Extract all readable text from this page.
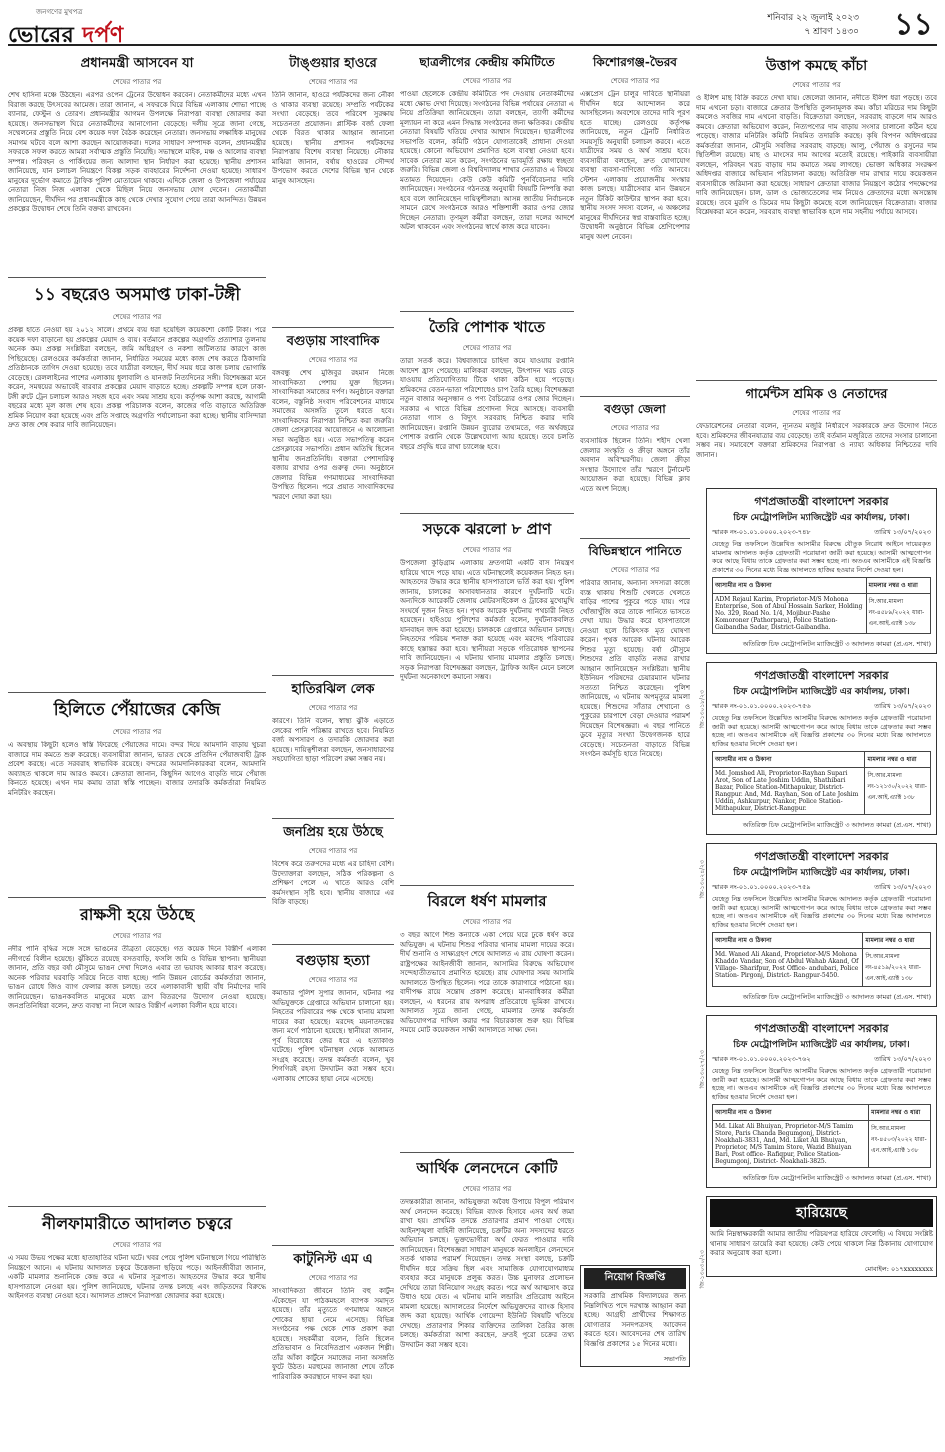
জনগণের মুখপত্র
ভোরের দর্পণ
শনিবার ২২ জুলাই ২০২৩
৭ শ্রাবণ ১৪৩০ ১১
প্রধানমন্ত্রী আসবেন যা
শেষের পাতার পর

শেখ হাসিনা মঞ্চে উঠছেন। এরপর ওপেন ট্রেনের উদ্বোধন করবেন। নেতাকর্মীদের মধ্যে এখন বিরাজ করছে উৎসবের আমেজ। তারা জানান, এ সফরকে ঘিরে বিভিন্ন এলাকায় শোভা পাচ্ছে ব্যানার, ফেস্টুন ও তোরণ। প্রধানমন্ত্রীর আগমন উপলক্ষে নিরাপত্তা ব্যবস্থা জোরদার করা হয়েছে। জনসভাস্থল ঘিরে নেতাকর্মীদের আনাগোনা বেড়েছে। দলীয় সূত্রে জানা গেছে, সম্মেলনের প্রস্তুতি নিয়ে বেশ কয়েক দফা বৈঠক করেছেন নেতারা। জনসভায় লক্ষাধিক মানুষের সমাগম ঘটবে বলে আশা করছেন আয়োজকরা। দলের সাধারণ সম্পাদক বলেন, প্রধানমন্ত্রীর সফরকে সফল করতে আমরা সর্বাত্মক প্রস্তুতি নিয়েছি। সভাস্থলে মাইক, মঞ্চ ও আলোর ব্যবস্থা সম্পন্ন। পরিবহন ও পার্কিংয়ের জন্য আলাদা স্থান নির্ধারণ করা হয়েছে। স্থানীয় প্রশাসন জানিয়েছে, যান চলাচল নিয়ন্ত্রণে বিকল্প সড়ক ব্যবহারের নির্দেশনা দেওয়া হয়েছে। সাধারণ মানুষের দুর্ভোগ কমাতে ট্রাফিক পুলিশ মোতায়েন থাকবে। এদিকে জেলা ও উপজেলা পর্যায়ের নেতারা নিজ নিজ এলাকা থেকে মিছিল নিয়ে জনসভায় যোগ দেবেন। নেতাকর্মীরা জানিয়েছেন, দীর্ঘদিন পর প্রধানমন্ত্রীকে কাছ থেকে দেখার সুযোগ পেয়ে তারা আনন্দিত। উন্নয়ন প্রকল্পের উদ্বোধন শেষে তিনি বক্তব্য রাখবেন।

১১ বছরেও অসমাপ্ত ঢাকা-টঙ্গী
শেষের পাতার পর

প্রকল্প হাতে নেওয়া হয় ২০১২ সালে। প্রথমে ব্যয় ধরা হয়েছিল কয়েকশো কোটি টাকা। পরে কয়েক দফা বাড়ানো হয় প্রকল্পের মেয়াদ ও ব্যয়। বর্তমানে প্রকল্পের অগ্রগতি প্রত্যাশার তুলনায় অনেক কম। প্রকল্প সংশ্লিষ্টরা বলছেন, জমি অধিগ্রহণ ও নকশা জটিলতার কারণে কাজ পিছিয়েছে। রেলওয়ের কর্মকর্তারা জানান, নির্ধারিত সময়ের মধ্যে কাজ শেষ করতে ঠিকাদারি প্রতিষ্ঠানকে তাগিদ দেওয়া হয়েছে। তবে যাত্রীরা বলছেন, দীর্ঘ সময় ধরে কাজ চলায় ভোগান্তি বেড়েছে। রেললাইনের পাশের এলাকায় ধুলাবালি ও যানজট নিত্যদিনের সঙ্গী। বিশেষজ্ঞরা মনে করেন, সমন্বয়ের অভাবেই বারবার প্রকল্পের মেয়াদ বাড়াতে হচ্ছে। প্রকল্পটি সম্পন্ন হলে ঢাকা-টঙ্গী রুটে ট্রেন চলাচল আরও সহজ হবে এবং সময় সাশ্রয় হবে। কর্তৃপক্ষ আশা করছে, আগামী বছরের মধ্যে মূল কাজ শেষ হবে। প্রকল্প পরিচালক বলেন, কাজের গতি বাড়াতে অতিরিক্ত শ্রমিক নিয়োগ করা হয়েছে এবং প্রতি সপ্তাহে অগ্রগতি পর্যালোচনা করা হচ্ছে। স্থানীয় বাসিন্দারা দ্রুত কাজ শেষ করার দাবি জানিয়েছেন।

হিলিতে পেঁয়াজের কেজি
শেষের পাতার পর

এ অবস্থায় কিছুটা হলেও স্বস্তি ফিরেছে পেঁয়াজের দামে। বন্দর দিয়ে আমদানি বাড়ায় খুচরা বাজারে দাম কমতে শুরু করেছে। ব্যবসায়ীরা জানান, ভারত থেকে প্রতিদিন পেঁয়াজবাহী ট্রাক প্রবেশ করছে। এতে সরবরাহ স্বাভাবিক রয়েছে। বন্দরের আমদানিকারকরা বলেন, আমদানি অব্যাহত থাকলে দাম আরও কমবে। ক্রেতারা জানান, কিছুদিন আগেও বাড়তি দামে পেঁয়াজ কিনতে হয়েছে। এখন দাম কমায় তারা স্বস্তি পাচ্ছেন। বাজার তদারকি কর্মকর্তারা নিয়মিত মনিটরিং করছেন।

রাক্ষসী হয়ে উঠছে
শেষের পাতার পর

নদীর পানি বৃদ্ধির সঙ্গে সঙ্গে ভাঙনের তীব্রতা বেড়েছে। গত কয়েক দিনে বিস্তীর্ণ এলাকা নদীগর্ভে বিলীন হয়েছে। ঝুঁকিতে রয়েছে বসতবাড়ি, ফসলি জমি ও বিভিন্ন স্থাপনা। স্থানীয়রা জানান, প্রতি বছর বর্ষা মৌসুমে ভাঙন দেখা দিলেও এবার তা ভয়াবহ আকার ধারণ করেছে। অনেক পরিবার ঘরবাড়ি সরিয়ে নিতে বাধ্য হচ্ছে। পানি উন্নয়ন বোর্ডের কর্মকর্তারা জানান, ভাঙন রোধে জিও ব্যাগ ফেলার কাজ চলছে। তবে এলাকাবাসী স্থায়ী বাঁধ নির্মাণের দাবি জানিয়েছেন। ভাঙনকবলিত মানুষের মধ্যে ত্রাণ বিতরণের উদ্যোগ নেওয়া হয়েছে। জনপ্রতিনিধিরা বলেন, দ্রুত ব্যবস্থা না নিলে আরও বিস্তীর্ণ এলাকা বিলীন হয়ে যাবে।

নীলফামারীতে আদালত চত্বরে
শেষের পাতার পর

এ সময় উভয় পক্ষের মধ্যে হাতাহাতির ঘটনা ঘটে। খবর পেয়ে পুলিশ ঘটনাস্থলে গিয়ে পরিস্থিতি নিয়ন্ত্রণে আনে। এ ঘটনায় আদালত চত্বরে উত্তেজনা ছড়িয়ে পড়ে। আইনজীবীরা জানান, একটি মামলার শুনানিকে কেন্দ্র করে এ ঘটনার সূত্রপাত। আহতদের উদ্ধার করে স্থানীয় হাসপাতালে নেওয়া হয়। পুলিশ জানিয়েছে, ঘটনার তদন্ত চলছে এবং জড়িতদের বিরুদ্ধে আইনগত ব্যবস্থা নেওয়া হবে। আদালত প্রাঙ্গণে নিরাপত্তা জোরদার করা হয়েছে।

টাঙ্গুয়ার হাওরে
শেষের পাতার পর

তিনি জানান, হাওরে পর্যটকদের জন্য নৌকা ও থাকার ব্যবস্থা রয়েছে। সম্প্রতি পর্যটকের সংখ্যা বেড়েছে। তবে পরিবেশ সুরক্ষায় সচেতনতা প্রয়োজন। প্লাস্টিক বর্জ্য ফেলা থেকে বিরত থাকার আহ্বান জানানো হয়েছে। স্থানীয় প্রশাসন পর্যটকদের নিরাপত্তায় বিশেষ ব্যবস্থা নিয়েছে। নৌকার মাঝিরা জানান, বর্ষায় হাওরের সৌন্দর্য উপভোগ করতে দেশের বিভিন্ন স্থান থেকে মানুষ আসছেন।

বগুড়ায় সাংবাদিক
শেষের পাতার পর

বঙ্গবন্ধু শেখ মুজিবুর রহমান নিজে সাংবাদিকতা পেশায় যুক্ত ছিলেন। সাংবাদিকরা সমাজের দর্পণ। অনুষ্ঠানে বক্তারা বলেন, বস্তুনিষ্ঠ সংবাদ পরিবেশনের মাধ্যমে সমাজের অসঙ্গতি তুলে ধরতে হবে। সাংবাদিকদের নিরাপত্তা নিশ্চিত করা জরুরি। জেলা প্রেসক্লাবের আয়োজনে এ আলোচনা সভা অনুষ্ঠিত হয়। এতে সভাপতিত্ব করেন প্রেসক্লাবের সভাপতি। প্রধান অতিথি ছিলেন স্থানীয় জনপ্রতিনিধি। বক্তারা পেশাদারিত্ব বজায় রাখার ওপর গুরুত্ব দেন। অনুষ্ঠানে জেলার বিভিন্ন গণমাধ্যমের সাংবাদিকরা উপস্থিত ছিলেন। পরে প্রয়াত সাংবাদিকদের স্মরণে দোয়া করা হয়।

হাতিরঝিল লেক
শেষের পাতার পর

কারণে। তিনি বলেন, স্বাস্থ্য ঝুঁকি এড়াতে লেকের পানি পরিষ্কার রাখতে হবে। নিয়মিত বর্জ্য অপসারণ ও তদারকি জোরদার করা হয়েছে। দায়িত্বশীলরা বলছেন, জনসাধারণের সহযোগিতা ছাড়া পরিবেশ রক্ষা সম্ভব নয়।

জনপ্রিয় হয়ে উঠছে
শেষের পাতার পর

বিশেষ করে তরুণদের মধ্যে এর চাহিদা বেশি। উদ্যোক্তারা বলছেন, সঠিক পরিকল্পনা ও প্রশিক্ষণ পেলে এ খাতে আরও বেশি কর্মসংস্থান সৃষ্টি হবে। স্থানীয় বাজারে এর বিক্রি বাড়ছে।

বগুড়ায় হত্যা
শেষের পাতার পর

কমান্ডার পুলিশ সুপার জানান, ঘটনার পর অভিযুক্তকে গ্রেপ্তারে অভিযান চালানো হয়। নিহতের পরিবারের পক্ষ থেকে থানায় মামলা দায়ের করা হয়েছে। মরদেহ ময়নাতদন্তের জন্য মর্গে পাঠানো হয়েছে। স্থানীয়রা জানান, পূর্ব বিরোধের জের ধরে এ হত্যাকাণ্ড ঘটেছে। পুলিশ ঘটনাস্থল থেকে আলামত সংগ্রহ করেছে। তদন্ত কর্মকর্তা বলেন, খুব শিগগিরই রহস্য উদঘাটন করা সম্ভব হবে। এলাকায় শোকের ছায়া নেমে এসেছে।

কাটুনিস্ট এম এ
শেষের পাতার পর

সাংবাদিকতা জীবনে তিনি বহু কার্টুন এঁকেছেন যা পাঠকমহলে ব্যাপক সমাদৃত হয়েছে। তাঁর মৃত্যুতে গণমাধ্যম অঙ্গনে শোকের ছায়া নেমে এসেছে। বিভিন্ন সংগঠনের পক্ষ থেকে শোক প্রকাশ করা হয়েছে। সহকর্মীরা বলেন, তিনি ছিলেন প্রতিভাবান ও নিবেদিতপ্রাণ একজন শিল্পী। তাঁর আঁকা কার্টুনে সমাজের নানা অসঙ্গতি ফুটে উঠত। মরহুমের জানাজা শেষে তাঁকে পারিবারিক কবরস্থানে দাফন করা হয়।

ছাত্রলীগের কেন্দ্রীয় কমিটিতে
শেষের পাতার পর

পাওয়া ছেলেকে কেন্দ্রীয় কমিটিতে পদ দেওয়ায় নেতাকর্মীদের মধ্যে ক্ষোভ দেখা দিয়েছে। সংগঠনের বিভিন্ন পর্যায়ের নেতারা এ নিয়ে প্রতিক্রিয়া জানিয়েছেন। তারা বলছেন, ত্যাগী কর্মীদের মূল্যায়ন না করে এমন সিদ্ধান্ত সংগঠনের জন্য ক্ষতিকর। কেন্দ্রীয় নেতারা বিষয়টি খতিয়ে দেখার আশ্বাস দিয়েছেন। ছাত্রলীগের সভাপতি বলেন, কমিটি গঠনে যোগ্যতাকেই প্রাধান্য দেওয়া হয়েছে। কোনো অভিযোগ প্রমাণিত হলে ব্যবস্থা নেওয়া হবে। সাবেক নেতারা মনে করেন, সংগঠনের ভাবমূর্তি রক্ষায় স্বচ্ছতা জরুরি। বিভিন্ন জেলা ও বিশ্ববিদ্যালয় শাখার নেতারাও এ বিষয়ে মতামত দিয়েছেন। কেউ কেউ কমিটি পুনর্বিবেচনার দাবি জানিয়েছেন। সংগঠনের গঠনতন্ত্র অনুযায়ী বিষয়টি নিষ্পত্তি করা হবে বলে জানিয়েছেন দায়িত্বশীলরা। আসন্ন জাতীয় নির্বাচনকে সামনে রেখে সংগঠনকে আরও শক্তিশালী করার ওপর জোর দিচ্ছেন নেতারা। তৃণমূল কর্মীরা বলছেন, তারা দলের আদর্শে অটল থাকবেন এবং সংগঠনের স্বার্থে কাজ করে যাবেন।

তৈরি পোশাক খাতে
শেষের পাতার পর

তারা সতর্ক করে। বিশ্ববাজারে চাহিদা কমে যাওয়ায় রপ্তানি আদেশ হ্রাস পেয়েছে। মালিকরা বলছেন, উৎপাদন খরচ বেড়ে যাওয়ায় প্রতিযোগিতায় টিকে থাকা কঠিন হয়ে পড়েছে। শ্রমিকদের বেতন-ভাতা পরিশোধেও চাপ তৈরি হচ্ছে। বিশেষজ্ঞরা নতুন বাজার অনুসন্ধান ও পণ্য বৈচিত্র্যের ওপর জোর দিচ্ছেন। সরকার এ খাতে বিভিন্ন প্রণোদনা দিয়ে আসছে। ব্যবসায়ী নেতারা গ্যাস ও বিদ্যুৎ সরবরাহ নিশ্চিত করার দাবি জানিয়েছেন। রপ্তানি উন্নয়ন ব্যুরোর তথ্যমতে, গত অর্থবছরে পোশাক রপ্তানি থেকে উল্লেখযোগ্য আয় হয়েছে। তবে চলতি বছরে প্রবৃদ্ধি ধরে রাখা চ্যালেঞ্জ হবে।

সড়কে ঝরলো ৮ প্রাণ
শেষের পাতার পর

উপজেলা কুড়িগ্রাম এলাকায় দ্রুতগামী একটি বাস নিয়ন্ত্রণ হারিয়ে খাদে পড়ে যায়। এতে ঘটনাস্থলেই কয়েকজন নিহত হন। আহতদের উদ্ধার করে স্থানীয় হাসপাতালে ভর্তি করা হয়। পুলিশ জানায়, চালকের অসাবধানতার কারণে দুর্ঘটনাটি ঘটে। অন্যদিকে আরেকটি জেলায় মোটরসাইকেল ও ট্রাকের মুখোমুখি সংঘর্ষে দুজন নিহত হন। পৃথক আরেক দুর্ঘটনায় পথচারী নিহত হয়েছেন। হাইওয়ে পুলিশের কর্মকর্তা বলেন, দুর্ঘটনাকবলিত যানবাহন জব্দ করা হয়েছে। চালককে গ্রেপ্তারে অভিযান চলছে। নিহতদের পরিচয় শনাক্ত করা হয়েছে এবং মরদেহ পরিবারের কাছে হস্তান্তর করা হবে। স্থানীয়রা সড়কে গতিরোধক স্থাপনের দাবি জানিয়েছেন। এ ঘটনায় থানায় মামলার প্রস্তুতি চলছে। সড়ক নিরাপত্তা বিশেষজ্ঞরা বলছেন, ট্রাফিক আইন মেনে চললে দুর্ঘটনা অনেকাংশে কমানো সম্ভব।

বিরলে ধর্ষণ মামলার
শেষের পাতার পর

৩ বছর আগে শিশু কন্যাকে একা পেয়ে ঘরে ঢুকে ধর্ষণ করে অভিযুক্ত। এ ঘটনায় শিশুর পরিবার থানায় মামলা দায়ের করে। দীর্ঘ শুনানি ও সাক্ষ্যগ্রহণ শেষে আদালত এ রায় ঘোষণা করেন। রাষ্ট্রপক্ষের আইনজীবী জানান, আসামির বিরুদ্ধে অভিযোগ সন্দেহাতীতভাবে প্রমাণিত হয়েছে। রায় ঘোষণার সময় আসামি আদালতে উপস্থিত ছিলেন। পরে তাকে কারাগারে পাঠানো হয়। বাদীপক্ষ রায়ে সন্তোষ প্রকাশ করেছে। মানবাধিকার কর্মীরা বলছেন, এ ধরনের রায় অপরাধ প্রতিরোধে ভূমিকা রাখবে। আদালত সূত্রে জানা গেছে, মামলার তদন্ত কর্মকর্তা অভিযোগপত্র দাখিল করার পর বিচারকাজ শুরু হয়। বিভিন্ন সময়ে মোট কয়েকজন সাক্ষী আদালতে সাক্ষ্য দেন।

আর্থিক লেনদেনে কোটি
শেষের পাতার পর

তদন্তকারীরা জানান, অভিযুক্তরা অবৈধ উপায়ে বিপুল পরিমাণ অর্থ লেনদেন করেছে। বিভিন্ন ব্যাংক হিসাবে এসব অর্থ জমা রাখা হয়। প্রাথমিক তদন্তে প্রতারণার প্রমাণ পাওয়া গেছে। আইনশৃঙ্খলা বাহিনী জানিয়েছে, চক্রটির অন্য সদস্যদের ধরতে অভিযান চলছে। ভুক্তভোগীরা অর্থ ফেরত পাওয়ার দাবি জানিয়েছেন। বিশেষজ্ঞরা সাধারণ মানুষকে অনলাইনে লেনদেনে সতর্ক থাকার পরামর্শ দিয়েছেন। তদন্ত সংস্থা বলছে, চক্রটি দীর্ঘদিন ধরে সক্রিয় ছিল এবং সামাজিক যোগাযোগমাধ্যম ব্যবহার করে মানুষকে প্রলুব্ধ করত। উচ্চ মুনাফার প্রলোভন দেখিয়ে তারা বিনিয়োগ সংগ্রহ করত। পরে অর্থ আত্মসাৎ করে উধাও হয়ে যেত। এ ঘটনায় মানি লন্ডারিং প্রতিরোধ আইনে মামলা হয়েছে। আদালতের নির্দেশে অভিযুক্তদের ব্যাংক হিসাব জব্দ করা হয়েছে। আর্থিক গোয়েন্দা ইউনিট বিষয়টি খতিয়ে দেখছে। প্রতারণার শিকার ব্যক্তিদের তালিকা তৈরির কাজ চলছে। কর্মকর্তারা আশা করছেন, দ্রুতই পুরো চক্রের তথ্য উদঘাটন করা সম্ভব হবে।

কিশোরগঞ্জ-ভৈরব
শেষের পাতার পর

এক্সপ্রেস ট্রেন চালুর দাবিতে স্থানীয়রা দীর্ঘদিন ধরে আন্দোলন করে আসছিলেন। অবশেষে তাদের দাবি পূরণ হতে যাচ্ছে। রেলওয়ে কর্তৃপক্ষ জানিয়েছে, নতুন ট্রেনটি নির্ধারিত সময়সূচি অনুযায়ী চলাচল করবে। এতে যাত্রীদের সময় ও অর্থ সাশ্রয় হবে। ব্যবসায়ীরা বলছেন, দ্রুত যোগাযোগ ব্যবস্থা ব্যবসা-বাণিজ্যে গতি আনবে। স্টেশন এলাকায় প্রয়োজনীয় সংস্কার কাজ চলছে। যাত্রীসেবার মান উন্নয়নে নতুন টিকিট কাউন্টার স্থাপন করা হবে। স্থানীয় সংসদ সদস্য বলেন, এ অঞ্চলের মানুষের দীর্ঘদিনের স্বপ্ন বাস্তবায়িত হচ্ছে। উদ্বোধনী অনুষ্ঠানে বিভিন্ন শ্রেণিপেশার মানুষ অংশ নেবেন।

বগুড়া জেলা
শেষের পাতার পর

ব্যবসায়িক ছিলেন তিনি। শহীদ খেলা জেলার সংস্কৃতি ও ক্রীড়া অঙ্গনে তাঁর অবদান অবিস্মরণীয়। জেলা ক্রীড়া সংস্থার উদ্যোগে তাঁর স্মরণে টুর্নামেন্ট আয়োজন করা হয়েছে। বিভিন্ন ক্লাব এতে অংশ নিচ্ছে।

বিভিন্নস্থানে পানিতে
শেষের পাতার পর

পরিবার জানায়, অন্যান্য সদস্যরা কাজে ব্যস্ত থাকায় শিশুটি খেলতে খেলতে বাড়ির পাশের পুকুরে পড়ে যায়। পরে খোঁজাখুঁজি করে তাকে পানিতে ভাসতে দেখা যায়। উদ্ধার করে হাসপাতালে নেওয়া হলে চিকিৎসক মৃত ঘোষণা করেন। পৃথক আরেক ঘটনায় আরেক শিশুর মৃত্যু হয়েছে। বর্ষা মৌসুমে শিশুদের প্রতি বাড়তি নজর রাখার আহ্বান জানিয়েছেন সংশ্লিষ্টরা। স্থানীয় ইউনিয়ন পরিষদের চেয়ারম্যান ঘটনার সত্যতা নিশ্চিত করেছেন। পুলিশ জানিয়েছে, এ ঘটনায় অপমৃত্যুর মামলা হয়েছে। শিশুদের সাঁতার শেখানো ও পুকুরের চারপাশে বেড়া দেওয়ার পরামর্শ দিয়েছেন বিশেষজ্ঞরা। এ বছর পানিতে ডুবে মৃত্যুর সংখ্যা উদ্বেগজনক হারে বেড়েছে। সচেতনতা বাড়াতে বিভিন্ন সংগঠন কর্মসূচি হাতে নিয়েছে।

নিয়োগ বিজ্ঞপ্তি

সরকারি প্রাথমিক বিদ্যালয়ের জন্য নিম্নলিখিত পদে দরখাস্ত আহ্বান করা হচ্ছে। আগ্রহী প্রার্থীদের শিক্ষাগত যোগ্যতার সনদপত্রসহ আবেদন করতে হবে। আবেদনের শেষ তারিখ বিজ্ঞপ্তি প্রকাশের ১৫ দিনের মধ্যে।

সভাপতি
উত্তাপ কমছে কাঁচা
শেষের পাতার পর

ও ইলিশ মাছ বিক্রি করতে দেখা যায়। জেলেরা জানান, নদীতে ইলিশ ধরা পড়ছে। তবে দাম এখনো চড়া। বাজারে ক্রেতার উপস্থিতি তুলনামূলক কম। কাঁচা মরিচের দাম কিছুটা কমলেও সবজির দাম এখনো বাড়তি। বিক্রেতারা বলছেন, সরবরাহ বাড়লে দাম আরও কমবে। ক্রেতারা অভিযোগ করেন, নিত্যপণ্যের দাম বাড়ায় সংসার চালানো কঠিন হয়ে পড়েছে। বাজার মনিটরিং কমিটি নিয়মিত তদারকি করছে। কৃষি বিপণন অধিদপ্তরের কর্মকর্তারা জানান, মৌসুমি সবজির সরবরাহ বাড়ছে। আলু, পেঁয়াজ ও রসুনের দাম স্থিতিশীল রয়েছে। মাছ ও মাংসের দাম আগের মতোই রয়েছে। পাইকারি ব্যবসায়ীরা বলছেন, পরিবহন খরচ বাড়ায় দাম কমাতে সময় লাগছে। ভোক্তা অধিকার সংরক্ষণ অধিদপ্তর বাজারে অভিযান পরিচালনা করছে। অতিরিক্ত দাম রাখার দায়ে কয়েকজন ব্যবসায়ীকে জরিমানা করা হয়েছে। সাধারণ ক্রেতারা বাজার নিয়ন্ত্রণে কঠোর পদক্ষেপের দাবি জানিয়েছেন। চাল, ডাল ও ভোজ্যতেলের দাম নিয়েও ক্রেতাদের মধ্যে অসন্তোষ রয়েছে। তবে মুরগি ও ডিমের দাম কিছুটা কমেছে বলে জানিয়েছেন বিক্রেতারা। বাজার বিশ্লেষকরা মনে করেন, সরবরাহ ব্যবস্থা স্বাভাবিক হলে দাম সহনীয় পর্যায়ে আসবে।

গার্মেন্টস শ্রমিক ও নেতাদের
শেষের পাতার পর

ফেডারেশনের নেতারা বলেন, ন্যূনতম মজুরি নির্ধারণে সরকারকে দ্রুত উদ্যোগ নিতে হবে। শ্রমিকদের জীবনযাত্রার ব্যয় বেড়েছে। তাই বর্তমান মজুরিতে তাদের সংসার চালানো সম্ভব নয়। সমাবেশে বক্তারা শ্রমিকদের নিরাপত্তা ও ন্যায্য অধিকার নিশ্চিতের দাবি জানান।

গণপ্রজাতন্ত্রী বাংলাদেশ সরকার
চিফ মেট্রোপলিটন ম্যাজিস্ট্রেট এর কার্যালয়, ঢাকা।
স্মারক নং-০১.০১.০০০০.২০২৩-৭৪৮	তারিখ ১৩/০৭/২০২৩

যেহেতু নিম্ন তফসিলে উল্লেখিত আসামীর বিরুদ্ধে যৌতুক নিরোধ আইনে দায়েরকৃত মামলায় আদালত কর্তৃক গ্রেফতারী পরোয়ানা জারী করা হয়েছে। আসামী আত্মগোপন করে আছে বিধায় তাকে গ্রেফতার করা সম্ভব হচ্ছে না। অতএব আসামীকে এই বিজ্ঞপ্তি প্রকাশের ৩০ দিনের মধ্যে বিজ্ঞ আদালতে হাজির হওয়ার নির্দেশ দেওয়া হল।

আসামীর নাম ও ঠিকানা	মামলার নম্বর ও ধারা
ADM Rejaul Karim, Proprietor-M/S Mohona Enterprise, Son of Abul Hossain Sarker, Holding No. 329, Road No. 1/4, Mojibur-Pashe Komoroner (Pathorpara), Police Station- Gaibandha Sadar, District-Gaibandha.	সি.আর.মামলা নং-৪৫৮৯/২০২২ ধারা- এন.আই.এ্যাক্ট ১৩৮
অতিরিক্ত চিফ মেট্রোপলিটন ম্যাজিস্ট্রেট ৩ আদালত কামরা (প্র.এস. শাখা)
গণপ্রজাতন্ত্রী বাংলাদেশ সরকার
চিফ মেট্রোপলিটন ম্যাজিস্ট্রেট এর কার্যালয়, ঢাকা।
স্মারক নং-০১.০১.০০০০.২০২৩-৭৫৬	তারিখ ১৩/০৭/২০২৩

যেহেতু নিম্ন তফসিলে উল্লেখিত আসামীর বিরুদ্ধে আদালত কর্তৃক গ্রেফতারী পরোয়ানা জারী করা হয়েছে। আসামী আত্মগোপন করে আছে বিধায় তাকে গ্রেফতার করা সম্ভব হচ্ছে না। অতএব আসামীকে এই বিজ্ঞপ্তি প্রকাশের ৩০ দিনের মধ্যে বিজ্ঞ আদালতে হাজির হওয়ার নির্দেশ দেওয়া হল।

আসামীর নাম ও ঠিকানা	মামলার নম্বর ও ধারা
Md. Jomshed Ali, Proprietor-Rayhan Supari Arot, Son of Late Joshim Uddin, Shathibari Bazar, Police Station-Mithapukur, District-Rangpur. And, Md. Rayhan, Son of Late Joshim Uddin, Ashkurpur, Nankor, Police Station-Mithapukur, District-Rangpur.	সি.আর.মামলা নং-১২১৩০/২০২২ ধারা- এন.আই.এ্যাক্ট ১৩৮
অতিরিক্ত চিফ মেট্রোপলিটন ম্যাজিস্ট্রেট ৩ আদালত কামরা (প্র.এস. শাখা)
গণপ্রজাতন্ত্রী বাংলাদেশ সরকার
চিফ মেট্রোপলিটন ম্যাজিস্ট্রেট এর কার্যালয়, ঢাকা।
স্মারক নং-০১.০১.০০০০.২০২৩-৭৫৯	তারিখ ১৩/০৭/২০২৩

যেহেতু নিম্ন তফসিলে উল্লেখিত আসামীর বিরুদ্ধে আদালত কর্তৃক গ্রেফতারী পরোয়ানা জারী করা হয়েছে। আসামী আত্মগোপন করে আছে বিধায় তাকে গ্রেফতার করা সম্ভব হচ্ছে না। অতএব আসামীকে এই বিজ্ঞপ্তি প্রকাশের ৩০ দিনের মধ্যে বিজ্ঞ আদালতে হাজির হওয়ার নির্দেশ দেওয়া হল।

আসামীর নাম ও ঠিকানা	মামলার নম্বর ও ধারা
Md. Waned Ali Akand, Proprietor-M/S Mohona Khaddo Vandar, Son of Abdul Wahab Akand, Of Village- Sharifpur, Post Office- andubari, Police Station- Pirgonj, District- Rangpur-5450.	সি.আর.মামলা নং-৪৫১৯/২০২২ ধারা- এন.আই.এ্যাক্ট ১৩৮
অতিরিক্ত চিফ মেট্রোপলিটন ম্যাজিস্ট্রেট ৩ আদালত কামরা (প্র.এস. শাখা)
গণপ্রজাতন্ত্রী বাংলাদেশ সরকার
চিফ মেট্রোপলিটন ম্যাজিস্ট্রেট এর কার্যালয়, ঢাকা।
স্মারক নং-০১.০১.০০০০.২০২৩-৭৬২	তারিখ ১৩/০৭/২০২৩

যেহেতু নিম্ন তফসিলে উল্লেখিত আসামীর বিরুদ্ধে আদালত কর্তৃক গ্রেফতারী পরোয়ানা জারী করা হয়েছে। আসামী আত্মগোপন করে আছে বিধায় তাকে গ্রেফতার করা সম্ভব হচ্ছে না। অতএব আসামীকে এই বিজ্ঞপ্তি প্রকাশের ৩০ দিনের মধ্যে বিজ্ঞ আদালতে হাজির হওয়ার নির্দেশ দেওয়া হল।

আসামীর নাম ও ঠিকানা	মামলার নম্বর ও ধারা
Md. Likat Ali Bhuiyan, Proprietor-M/S Tamim Store, Paris Chanda Begumgonj, District-Noakhali-3831, And, Md. Liket Ali Bhuiyan, Proprietor, M/S Tamim Store, Wazid Bhuiyan Bari, Post office- Rafiqpur, Police Station-Begumgonj, District- Noakhali-3825.	সি.আর.মামলা নং-৪৫০৩/২০২২ ধারা- এন.আই.এ্যাক্ট ১৩৮
অতিরিক্ত চিফ মেট্রোপলিটন ম্যাজিস্ট্রেট ৩ আদালত কামরা (প্র.এস. শাখা)
হারিয়েছে

আমি নিম্নস্বাক্ষরকারী আমার জাতীয় পরিচয়পত্র হারিয়ে ফেলেছি। এ বিষয়ে সংশ্লিষ্ট থানায় সাধারণ ডায়েরি করা হয়েছে। কেউ পেয়ে থাকলে নিম্ন ঠিকানায় যোগাযোগ করার অনুরোধ করা হলো।

মোবাইল: ০১৭xxxxxxxx
জি-১৩০১৮/২৩
জি-১৩০২৪/২৩
জি-১৩০২৭/২৩
জি-১৩০৩০/২৩
